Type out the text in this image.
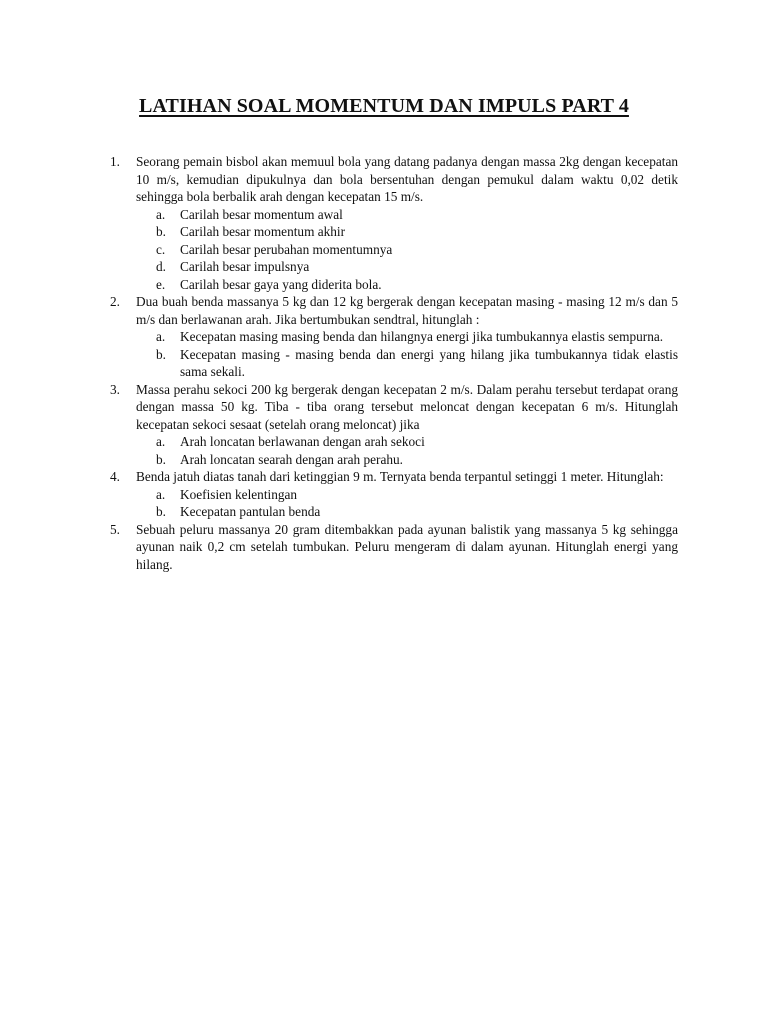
LATIHAN SOAL MOMENTUM DAN IMPULS PART 4
1.	Seorang pemain bisbol akan memuul bola yang datang padanya dengan massa 2kg dengan kecepatan 10 m/s, kemudian dipukulnya dan bola bersentuhan dengan pemukul dalam waktu 0,02 detik sehingga bola berbalik arah dengan kecepatan 15 m/s.
a. Carilah besar momentum awal
b. Carilah besar momentum akhir
c. Carilah besar perubahan momentumnya
d. Carilah besar impulsnya
e. Carilah besar gaya yang diderita bola.
2.	Dua buah benda massanya 5 kg dan 12 kg bergerak dengan kecepatan masing - masing 12 m/s dan 5 m/s dan berlawanan arah. Jika bertumbukan sendtral, hitunglah :
a. Kecepatan masing masing benda dan hilangnya energi jika tumbukannya elastis sempurna.
b. Kecepatan masing - masing benda dan energi yang hilang jika tumbukannya tidak elastis sama sekali.
3.	Massa perahu sekoci 200 kg bergerak dengan kecepatan 2 m/s. Dalam perahu tersebut terdapat orang dengan massa 50 kg. Tiba - tiba orang tersebut meloncat dengan kecepatan 6 m/s. Hitunglah kecepatan sekoci sesaat (setelah orang meloncat) jika
a. Arah loncatan berlawanan dengan arah sekoci
b. Arah loncatan searah dengan arah perahu.
4.	Benda jatuh diatas tanah dari ketinggian 9 m. Ternyata benda terpantul setinggi 1 meter. Hitunglah:
a. Koefisien kelentingan
b. Kecepatan pantulan benda
5.	Sebuah peluru massanya 20 gram ditembakkan pada ayunan balistik yang massanya 5 kg sehingga ayunan naik 0,2 cm setelah tumbukan. Peluru mengeram di dalam ayunan. Hitunglah energi yang hilang.
